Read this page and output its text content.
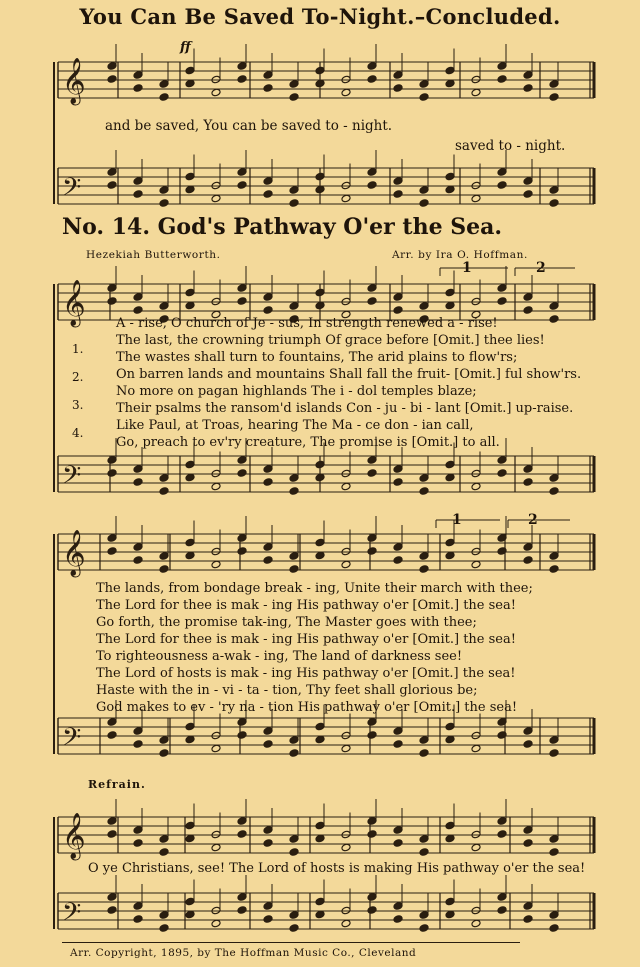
𝄞
𝄢
𝄞
𝄢
𝄞
𝄢
𝄞
𝄢
You Can Be Saved To-Night.–Concluded.
ff
and be saved, You can be saved to - night.
saved to - night.
No. 14. God's Pathway O'er the Sea.
Hezekiah Butterworth.	Arr. by Ira O. Hoffman.
1	2
1.
2.
3.
4.
A - rise, O church of Je - sus, In strength renewed a - rise!
The last, the crowning triumph Of grace before [Omit.] thee lies!
The wastes shall turn to fountains, The arid plains to flow'rs;
On barren lands and mountains Shall fall the fruit- [Omit.] ful show'rs.
No more on pagan highlands The i - dol temples blaze;
Their psalms the ransom'd islands Con - ju - bi - lant [Omit.] up-raise.
Like Paul, at Troas, hearing The Ma - ce don - ian call,
Go, preach to ev'ry creature, The promise is [Omit.] to all.
1	2
The lands, from bondage break - ing, Unite their march with thee;
The Lord for thee is mak - ing His pathway o'er [Omit.] the sea!
Go forth, the promise tak-ing, The Master goes with thee;
The Lord for thee is mak - ing His pathway o'er [Omit.] the sea!
To righteousness a-wak - ing, The land of darkness see!
The Lord of hosts is mak - ing His pathway o'er [Omit.] the sea!
Haste with the in - vi - ta - tion, Thy feet shall glorious be;
God makes to ev - 'ry na - tion His pathway o'er [Omit.] the sea!
Refrain.
O ye Christians, see! The Lord of hosts is making His pathway o'er the sea!
Arr. Copyright, 1895, by The Hoffman Music Co., Cleveland
